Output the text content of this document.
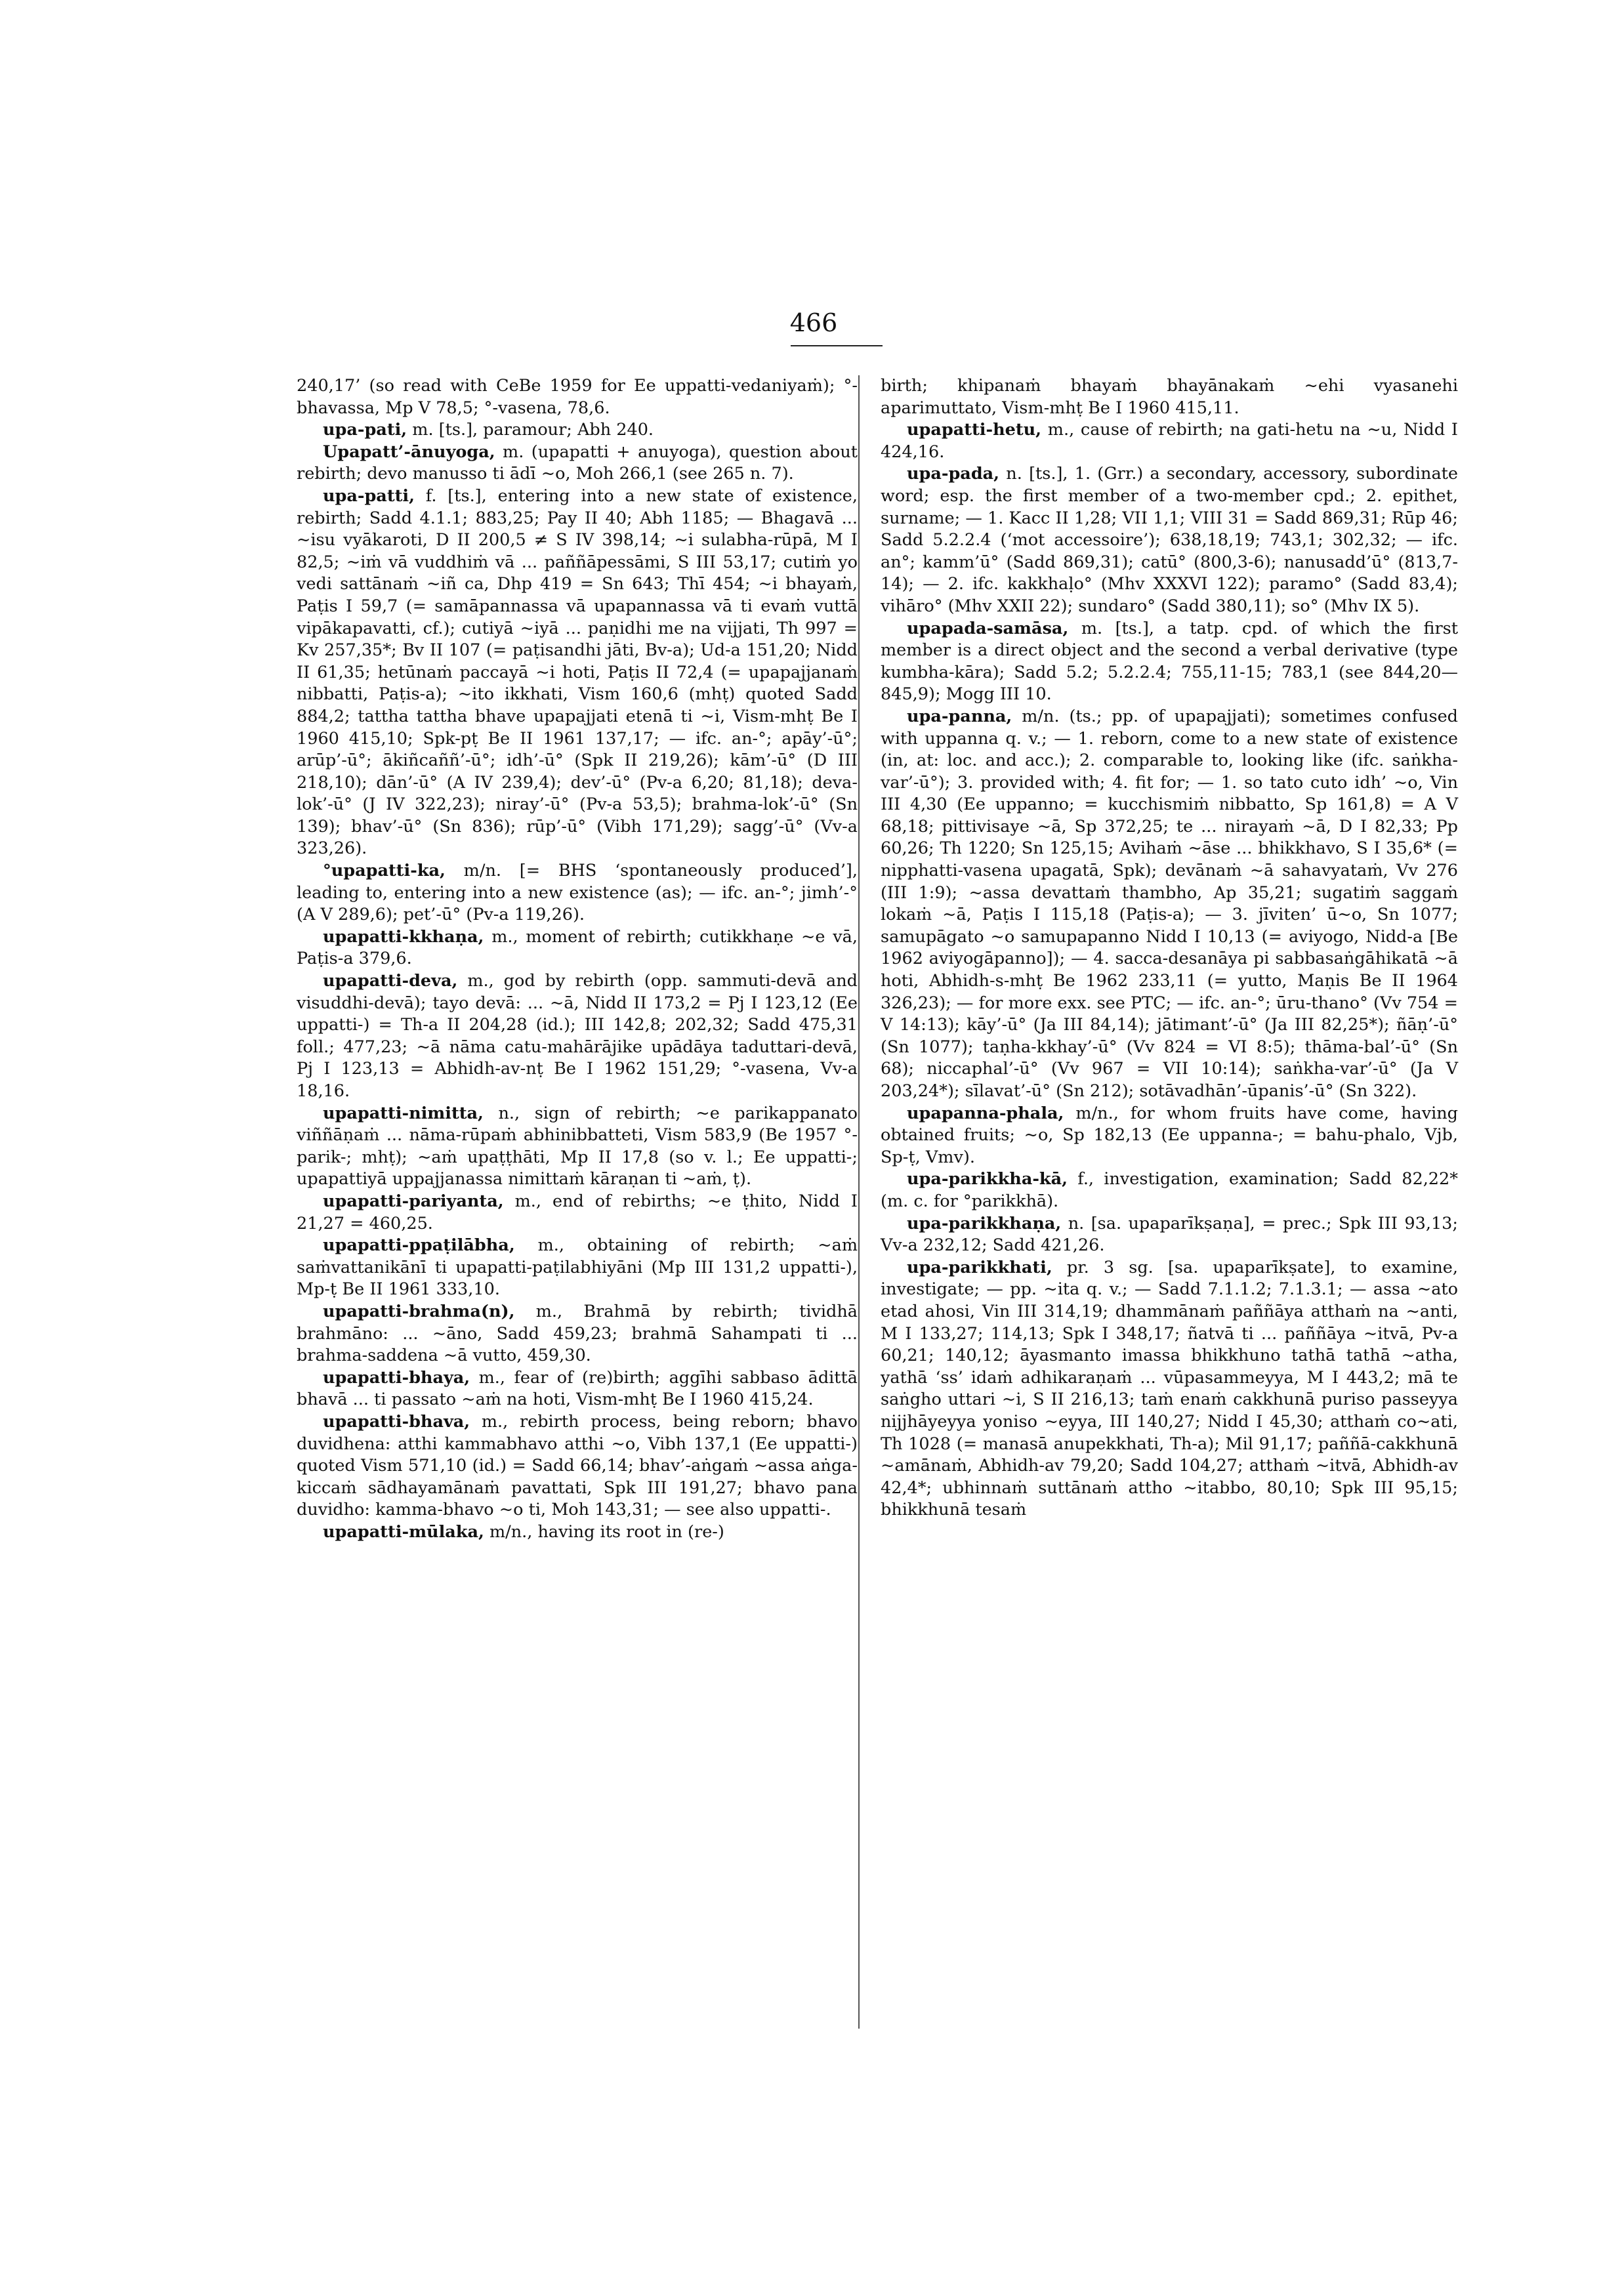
466

240,17’ (so read with CeBe 1959 for Ee uppatti-vedaniyaṁ); °-bhavassa, Mp V 78,5; °-vasena, 78,6.

upa-pati, m. [ts.], paramour; Abh 240.

Upapatt’-ānuyoga, m. (upapatti + anuyoga), question about rebirth; devo manusso ti ādī ~o, Moh 266,1 (see 265 n. 7).

upa-patti, f. [ts.], entering into a new state of existence, rebirth; Sadd 4.1.1; 883,25; Pay II 40; Abh 1185; — Bhagavā ... ~isu vyākaroti, D II 200,5 ≠ S IV 398,14; ~i sulabha-rūpā, M I 82,5; ~iṁ vā vuddhiṁ vā ... paññāpessāmi, S III 53,17; cutiṁ yo vedi sattānaṁ ~iñ ca, Dhp 419 = Sn 643; Thī 454; ~i bhayaṁ, Paṭis I 59,7 (= samāpannassa vā upapannassa vā ti evaṁ vuttā vipākapavatti, cf.); cutiyā ~iyā ... paṇidhi me na vijjati, Th 997 = Kv 257,35*; Bv II 107 (= paṭisandhi jāti, Bv-a); Ud-a 151,20; Nidd II 61,35; hetūnaṁ paccayā ~i hoti, Paṭis II 72,4 (= upapajjanaṁ nibbatti, Paṭis-a); ~ito ikkhati, Vism 160,6 (mhṭ) quoted Sadd 884,2; tattha tattha bhave upapajjati etenā ti ~i, Vism-mhṭ Be I 1960 415,10; Spk-pṭ Be II 1961 137,17; — ifc. an-°; apāy’-ū°; arūp’-ū°; ākiñcaññ’-ū°; idh’-ū° (Spk II 219,26); kām’-ū° (D III 218,10); dān’-ū° (A IV 239,4); dev’-ū° (Pv-a 6,20; 81,18); deva-lok’-ū° (J IV 322,23); niray’-ū° (Pv-a 53,5); brahma-lok’-ū° (Sn 139); bhav’-ū° (Sn 836); rūp’-ū° (Vibh 171,29); sagg’-ū° (Vv-a 323,26).

°upapatti-ka, m/n. [= BHS ‘spontaneously produced’], leading to, entering into a new existence (as); — ifc. an-°; jimh’-° (A V 289,6); pet’-ū° (Pv-a 119,26).

upapatti-kkhaṇa, m., moment of rebirth; cutikkhaṇe ~e vā, Paṭis-a 379,6.

upapatti-deva, m., god by rebirth (opp. sammuti-devā and visuddhi-devā); tayo devā: ... ~ā, Nidd II 173,2 = Pj I 123,12 (Ee uppatti-) = Th-a II 204,28 (id.); III 142,8; 202,32; Sadd 475,31 foll.; 477,23; ~ā nāma catu-mahārājike upādāya taduttari-devā, Pj I 123,13 = Abhidh-av-nṭ Be I 1962 151,29; °-vasena, Vv-a 18,16.

upapatti-nimitta, n., sign of rebirth; ~e parikappanato viññāṇaṁ ... nāma-rūpaṁ abhinibbatteti, Vism 583,9 (Be 1957 °-parik-; mhṭ); ~aṁ upaṭṭhāti, Mp II 17,8 (so v. l.; Ee uppatti-; upapattiyā uppajjanassa nimittaṁ kāraṇan ti ~aṁ, ṭ).

upapatti-pariyanta, m., end of rebirths; ~e ṭhito, Nidd I 21,27 = 460,25.

upapatti-ppaṭilābha, m., obtaining of rebirth; ~aṁ saṁvattanikānī ti upapatti-paṭilabhiyāni (Mp III 131,2 uppatti-), Mp-ṭ Be II 1961 333,10.

upapatti-brahma(n), m., Brahmā by rebirth; tividhā brahmāno: ... ~āno, Sadd 459,23; brahmā Sahampati ti ... brahma-saddena ~ā vutto, 459,30.

upapatti-bhaya, m., fear of (re)birth; aggīhi sabbaso ādittā bhavā ... ti passato ~aṁ na hoti, Vism-mhṭ Be I 1960 415,24.

upapatti-bhava, m., rebirth process, being reborn; bhavo duvidhena: atthi kammabhavo atthi ~o, Vibh 137,1 (Ee uppatti-) quoted Vism 571,10 (id.) = Sadd 66,14; bhav’-aṅgaṁ ~assa aṅga-kiccaṁ sādhayamānaṁ pavattati, Spk III 191,27; bhavo pana duvidho: kamma-bhavo ~o ti, Moh 143,31; — see also uppatti-.

upapatti-mūlaka, m/n., having its root in (re-)

birth; khipanaṁ bhayaṁ bhayānakaṁ ~ehi vyasanehi aparimuttato, Vism-mhṭ Be I 1960 415,11.

upapatti-hetu, m., cause of rebirth; na gati-hetu na ~u, Nidd I 424,16.

upa-pada, n. [ts.], 1. (Grr.) a secondary, accessory, subordinate word; esp. the first member of a two-member cpd.; 2. epithet, surname; — 1. Kacc II 1,28; VII 1,1; VIII 31 = Sadd 869,31; Rūp 46; Sadd 5.2.2.4 (‘mot accessoire’); 638,18,19; 743,1; 302,32; — ifc. an°; kamm’ū° (Sadd 869,31); catū° (800,3-6); nanusadd’ū° (813,7-14); — 2. ifc. kakkhaḷo° (Mhv XXXVI 122); paramo° (Sadd 83,4); vihāro° (Mhv XXII 22); sundaro° (Sadd 380,11); so° (Mhv IX 5).

upapada-samāsa, m. [ts.], a tatp. cpd. of which the first member is a direct object and the second a verbal derivative (type kumbha-kāra); Sadd 5.2; 5.2.2.4; 755,11-15; 783,1 (see 844,20—845,9); Mogg III 10.

upa-panna, m/n. (ts.; pp. of upapajjati); sometimes confused with uppanna q. v.; — 1. reborn, come to a new state of existence (in, at: loc. and acc.); 2. comparable to, looking like (ifc. saṅkha-var’-ū°); 3. provided with; 4. fit for; — 1. so tato cuto idh’ ~o, Vin III 4,30 (Ee uppanno; = kucchismiṁ nibbatto, Sp 161,8) = A V 68,18; pittivisaye ~ā, Sp 372,25; te ... nirayaṁ ~ā, D I 82,33; Pp 60,26; Th 1220; Sn 125,15; Avihaṁ ~āse ... bhikkhavo, S I 35,6* (= nipphatti-vasena upagatā, Spk); devānaṁ ~ā sahavyataṁ, Vv 276 (III 1:9); ~assa devattaṁ thambho, Ap 35,21; sugatiṁ saggaṁ lokaṁ ~ā, Paṭis I 115,18 (Paṭis-a); — 3. jīviten’ ū~o, Sn 1077; samupāgato ~o samupapanno Nidd I 10,13 (= aviyogo, Nidd-a [Be 1962 aviyogāpanno]); — 4. sacca-desanāya pi sabbasaṅgāhikatā ~ā hoti, Abhidh-s-mhṭ Be 1962 233,11 (= yutto, Maṇis Be II 1964 326,23); — for more exx. see PTC; — ifc. an-°; ūru-thano° (Vv 754 = V 14:13); kāy’-ū° (Ja III 84,14); jātimant’-ū° (Ja III 82,25*); ñāṇ’-ū° (Sn 1077); taṇha-kkhay’-ū° (Vv 824 = VI 8:5); thāma-bal’-ū° (Sn 68); niccaphal’-ū° (Vv 967 = VII 10:14); saṅkha-var’-ū° (Ja V 203,24*); sīlavat’-ū° (Sn 212); sotāvadhān’-ūpanis’-ū° (Sn 322).

upapanna-phala, m/n., for whom fruits have come, having obtained fruits; ~o, Sp 182,13 (Ee uppanna-; = bahu-phalo, Vjb, Sp-ṭ, Vmv).

upa-parikkha-kā, f., investigation, examination; Sadd 82,22* (m. c. for °parikkhā).

upa-parikkhaṇa, n. [sa. upaparīkṣaṇa], = prec.; Spk III 93,13; Vv-a 232,12; Sadd 421,26.

upa-parikkhati, pr. 3 sg. [sa. upaparīkṣate], to examine, investigate; — pp. ~ita q. v.; — Sadd 7.1.1.2; 7.1.3.1; — assa ~ato etad ahosi, Vin III 314,19; dhammānaṁ paññāya atthaṁ na ~anti, M I 133,27; 114,13; Spk I 348,17; ñatvā ti ... paññāya ~itvā, Pv-a 60,21; 140,12; āyasmanto imassa bhikkhuno tathā tathā ~atha, yathā ‘ss’ idaṁ adhikaraṇaṁ ... vūpasammeyya, M I 443,2; mā te saṅgho uttari ~i, S II 216,13; taṁ enaṁ cakkhunā puriso passeyya nijjhāyeyya yoniso ~eyya, III 140,27; Nidd I 45,30; atthaṁ co~ati, Th 1028 (= manasā anupekkhati, Th-a); Mil 91,17; paññā-cakkhunā ~amānaṁ, Abhidh-av 79,20; Sadd 104,27; atthaṁ ~itvā, Abhidh-av 42,4*; ubhinnaṁ suttānaṁ attho ~itabbo, 80,10; Spk III 95,15; bhikkhunā tesaṁ
